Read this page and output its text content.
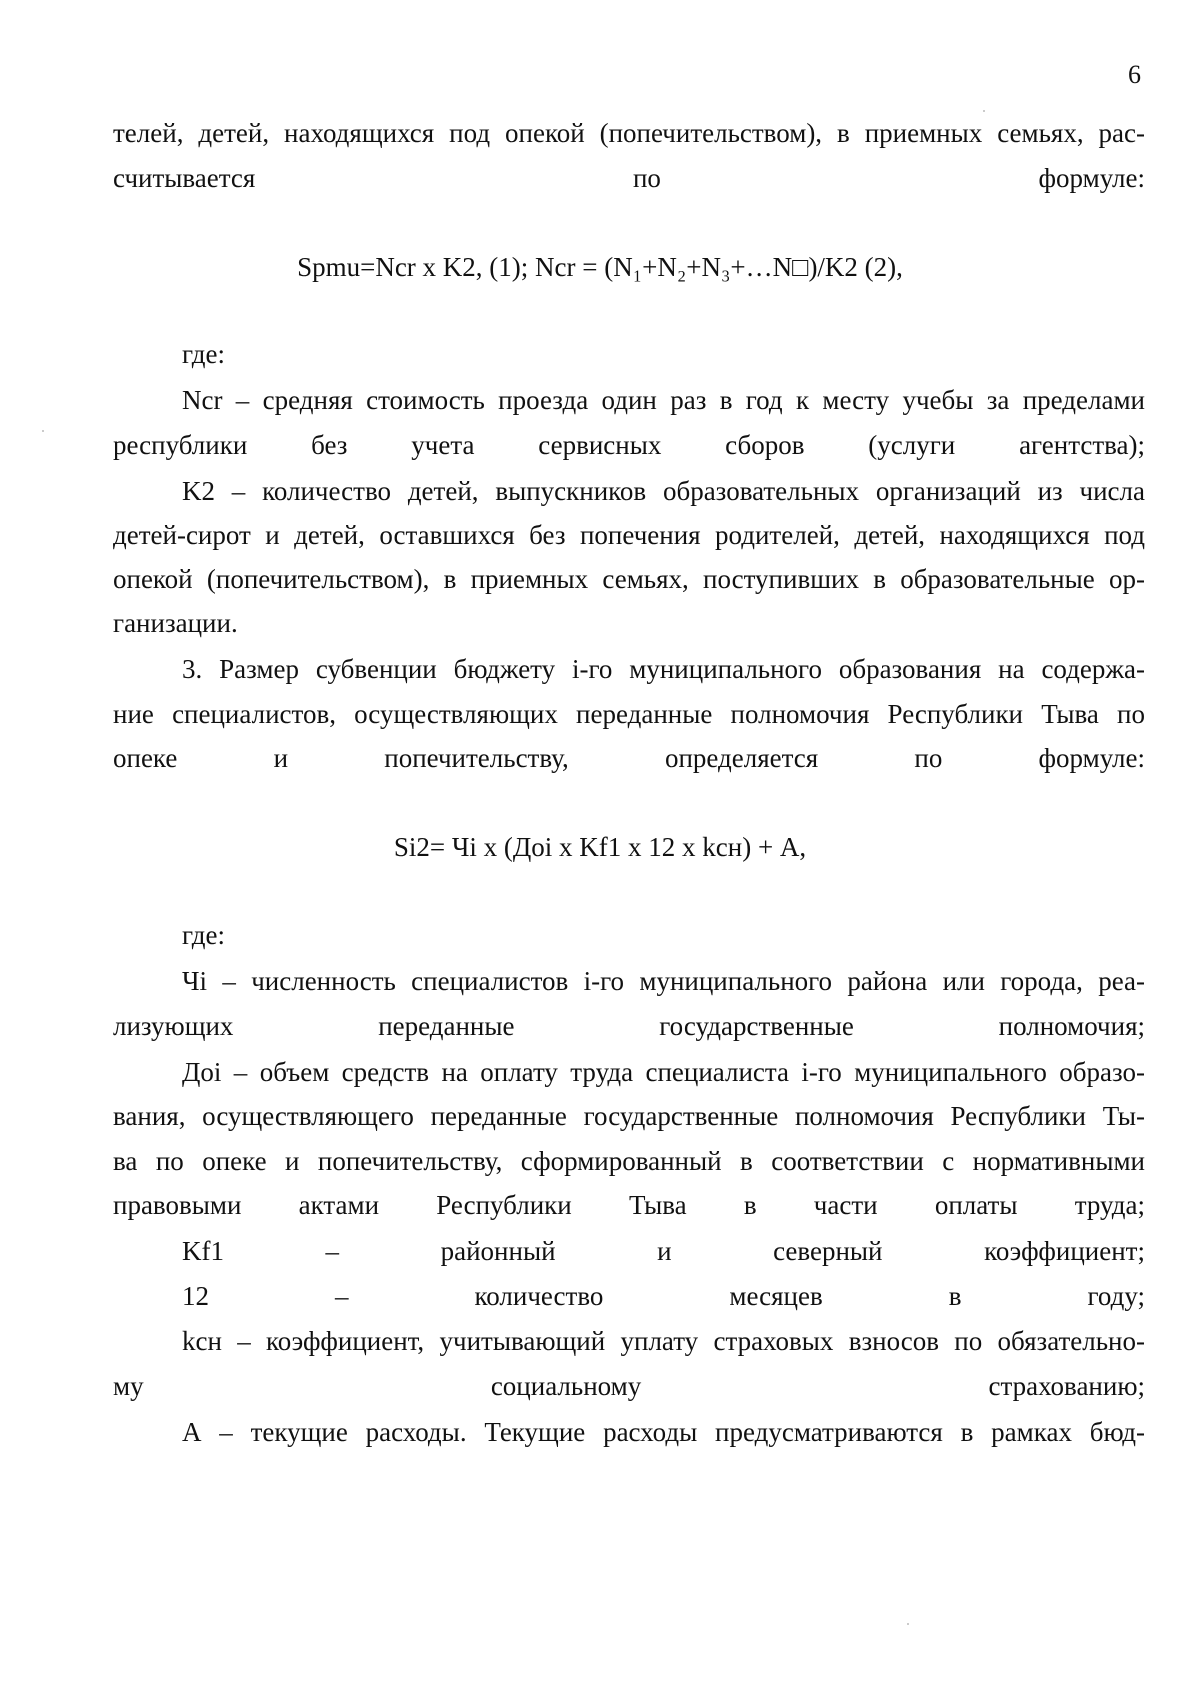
6
телей, детей, находящихся под опекой (попечительством), в приемных семьях, рас-
считывается по формуле:
Spmu=Ncr x K2, (1); Ncr = (N₁+N₂+N₃+…N□)/K2 (2),
где:
Ncr – средняя стоимость проезда один раз в год к месту учебы за пределами
республики без учета сервисных сборов (услуги агентства);
K2 – количество детей, выпускников образовательных организаций из числа
детей-сирот и детей, оставшихся без попечения родителей, детей, находящихся под
опекой (попечительством), в приемных семьях, поступивших в образовательные ор-
ганизации.
3. Размер субвенции бюджету i-го муниципального образования на содержа-
ние специалистов, осуществляющих переданные полномочия Республики Тыва по
опеке и попечительству, определяется по формуле:
Si2= Чi x (Доi x Kf1 x 12 x kсн) + А,
где:
Чi – численность специалистов i-го муниципального района или города, реа-
лизующих переданные государственные полномочия;
Доi – объем средств на оплату труда специалиста i-го муниципального образо-
вания, осуществляющего переданные государственные полномочия Республики Ты-
ва по опеке и попечительству, сформированный в соответствии с нормативными
правовыми актами Республики Тыва в части оплаты труда;
Kf1 – районный и северный коэффициент;
12 – количество месяцев в году;
kсн – коэффициент, учитывающий уплату страховых взносов по обязательно-
му социальному страхованию;
А – текущие расходы. Текущие расходы предусматриваются в рамках бюд-
